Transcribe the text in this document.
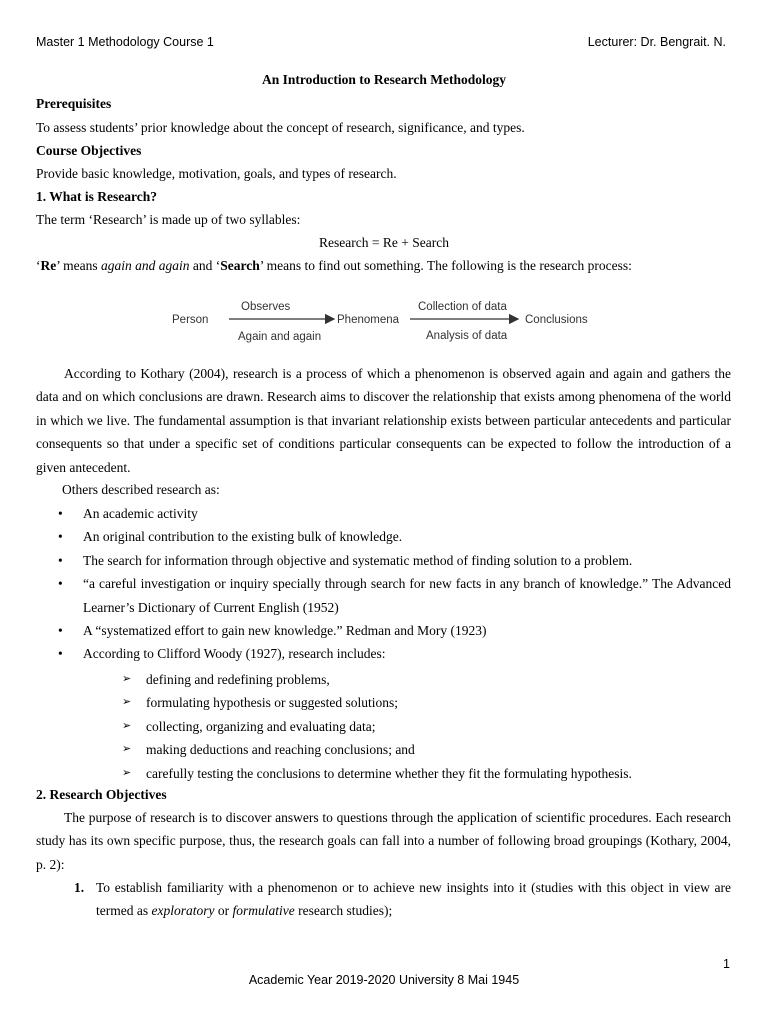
Master 1 Methodology Course 1	Lecturer: Dr. Bengrait. N.
An Introduction to Research Methodology
Prerequisites
To assess students’ prior knowledge about the concept of research, significance, and types.
Course Objectives
Provide basic knowledge, motivation, goals, and types of research.
1. What is Research?
The term ‘Research’ is made up of two syllables:
Research = Re + Search
‘Re’ means again and again and ‘Search’ means to find out something. The following is the research process:
Person
Observes
Again and again
Phenomena
Collection of data
Analysis of data
Conclusions
According to Kothary (2004), research is a process of which a phenomenon is observed again and again and gathers the data and on which conclusions are drawn. Research aims to discover the relationship that exists among phenomena of the world in which we live. The fundamental assumption is that invariant relationship exists between particular antecedents and particular consequents so that under a specific set of conditions particular consequents can be expected to follow the introduction of a given antecedent.
Others described research as:
• An academic activity
• An original contribution to the existing bulk of knowledge.
• The search for information through objective and systematic method of finding solution to a problem.
• “a careful investigation or inquiry specially through search for new facts in any branch of knowledge.” The Advanced Learner’s Dictionary of Current English (1952)
• A “systematized effort to gain new knowledge.” Redman and Mory (1923)
• According to Clifford Woody (1927), research includes:
➢ defining and redefining problems,
➢ formulating hypothesis or suggested solutions;
➢ collecting, organizing and evaluating data;
➢ making deductions and reaching conclusions; and
➢ carefully testing the conclusions to determine whether they fit the formulating hypothesis.
2. Research Objectives
The purpose of research is to discover answers to questions through the application of scientific procedures. Each research study has its own specific purpose, thus, the research goals can fall into a number of following broad groupings (Kothary, 2004, p. 2):
1. To establish familiarity with a phenomenon or to achieve new insights into it (studies with this object in view are termed as exploratory or formulative research studies);
1
Academic Year 2019-2020 University 8 Mai 1945
